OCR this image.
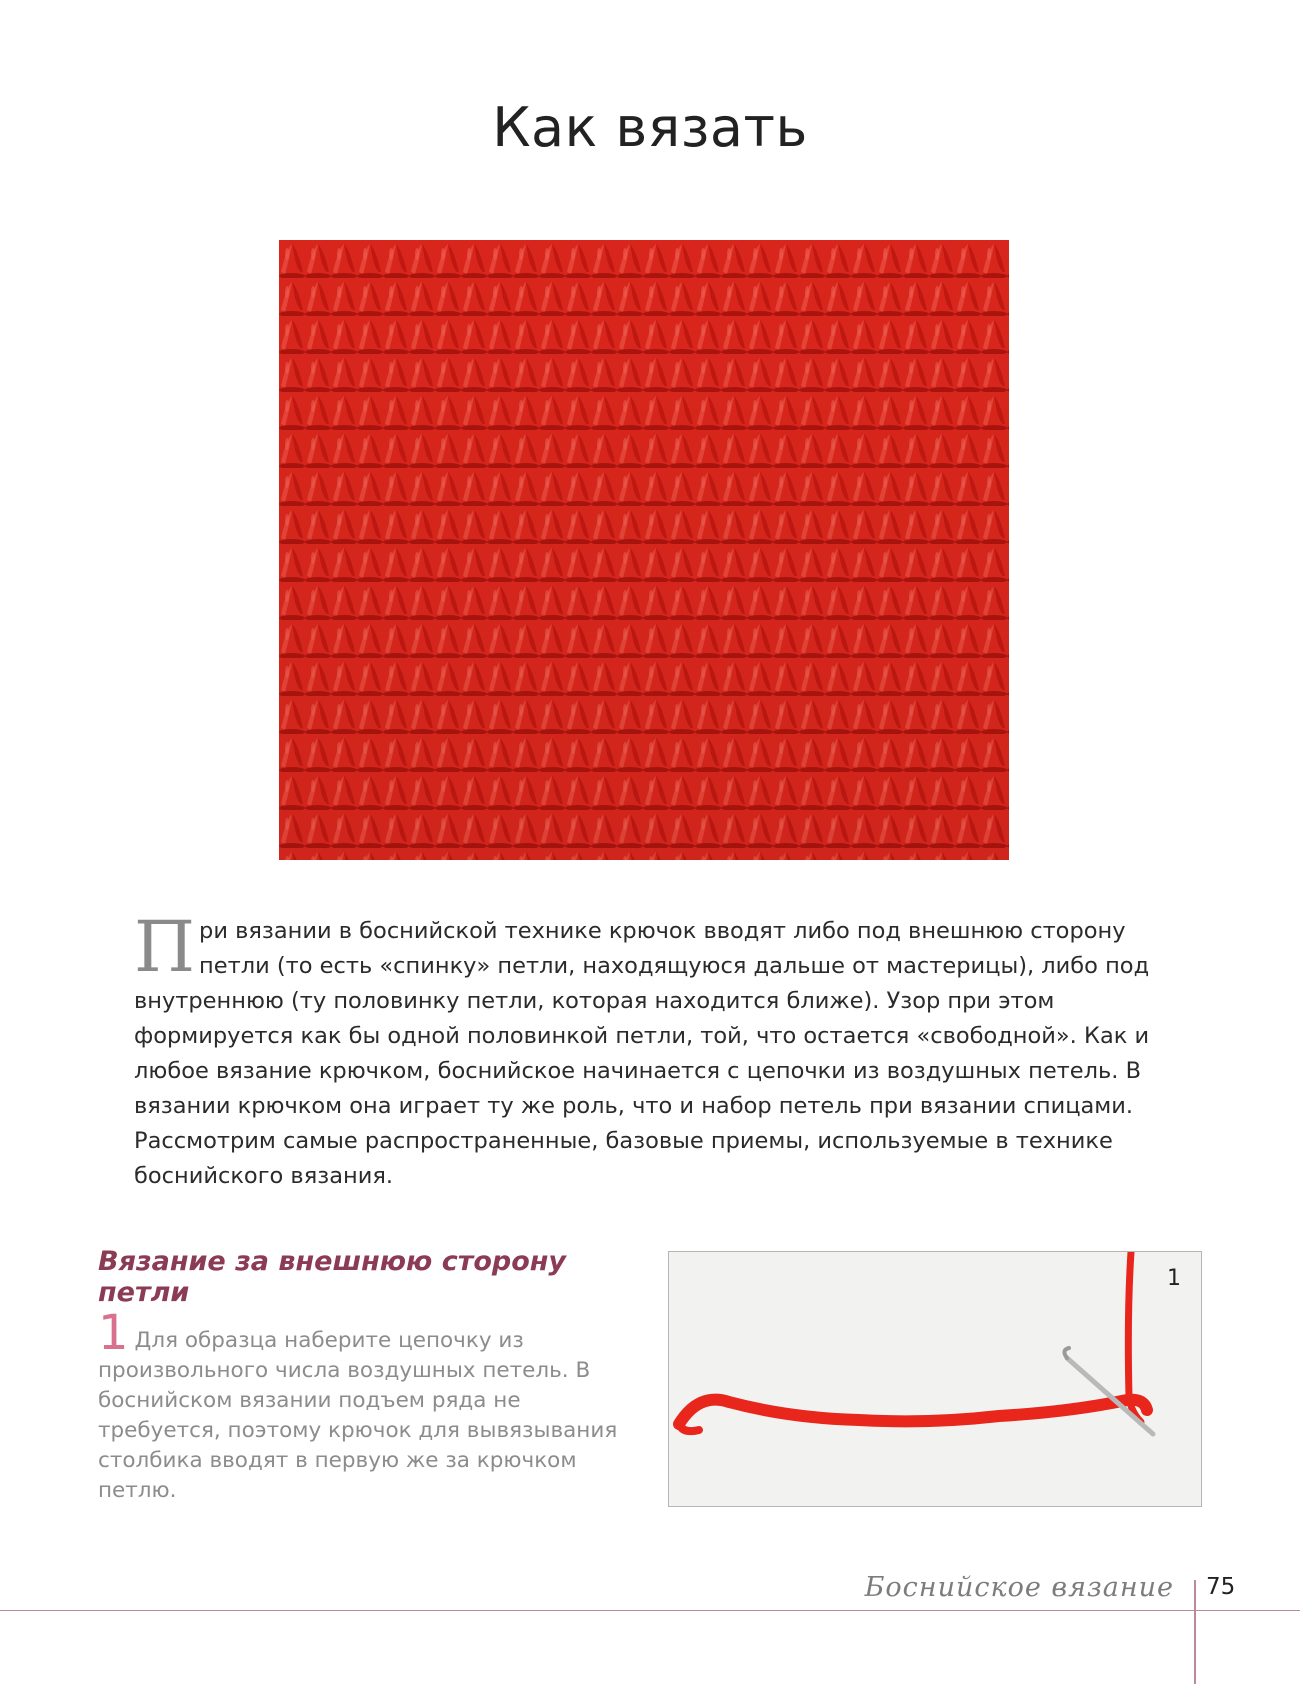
Как вязать
При вязании в боснийской технике крючок вводят либо под внешнюю сторону петли (то есть «спинку» петли, находящуюся дальше от мастерицы), либо под внутреннюю (ту половинку петли, которая находится ближе). Узор при этом формируется как бы одной половинкой петли, той, что остается «свободной». Как и любое вязание крючком, боснийское начинается с цепочки из воздушных петель. В вязании крючком она играет ту же роль, что и набор петель при вязании спицами. Рассмотрим самые распространенные, базовые приемы, используемые в технике боснийского вязания.
Вязание за внешнюю сторону петли
1 Для образца наберите цепочку из произвольного числа воздушных петель. В боснийском вязании подъем ряда не требуется, поэтому крючок для вывязывания столбика вводят в первую же за крючком петлю.
1
Боснийское вязание 75
